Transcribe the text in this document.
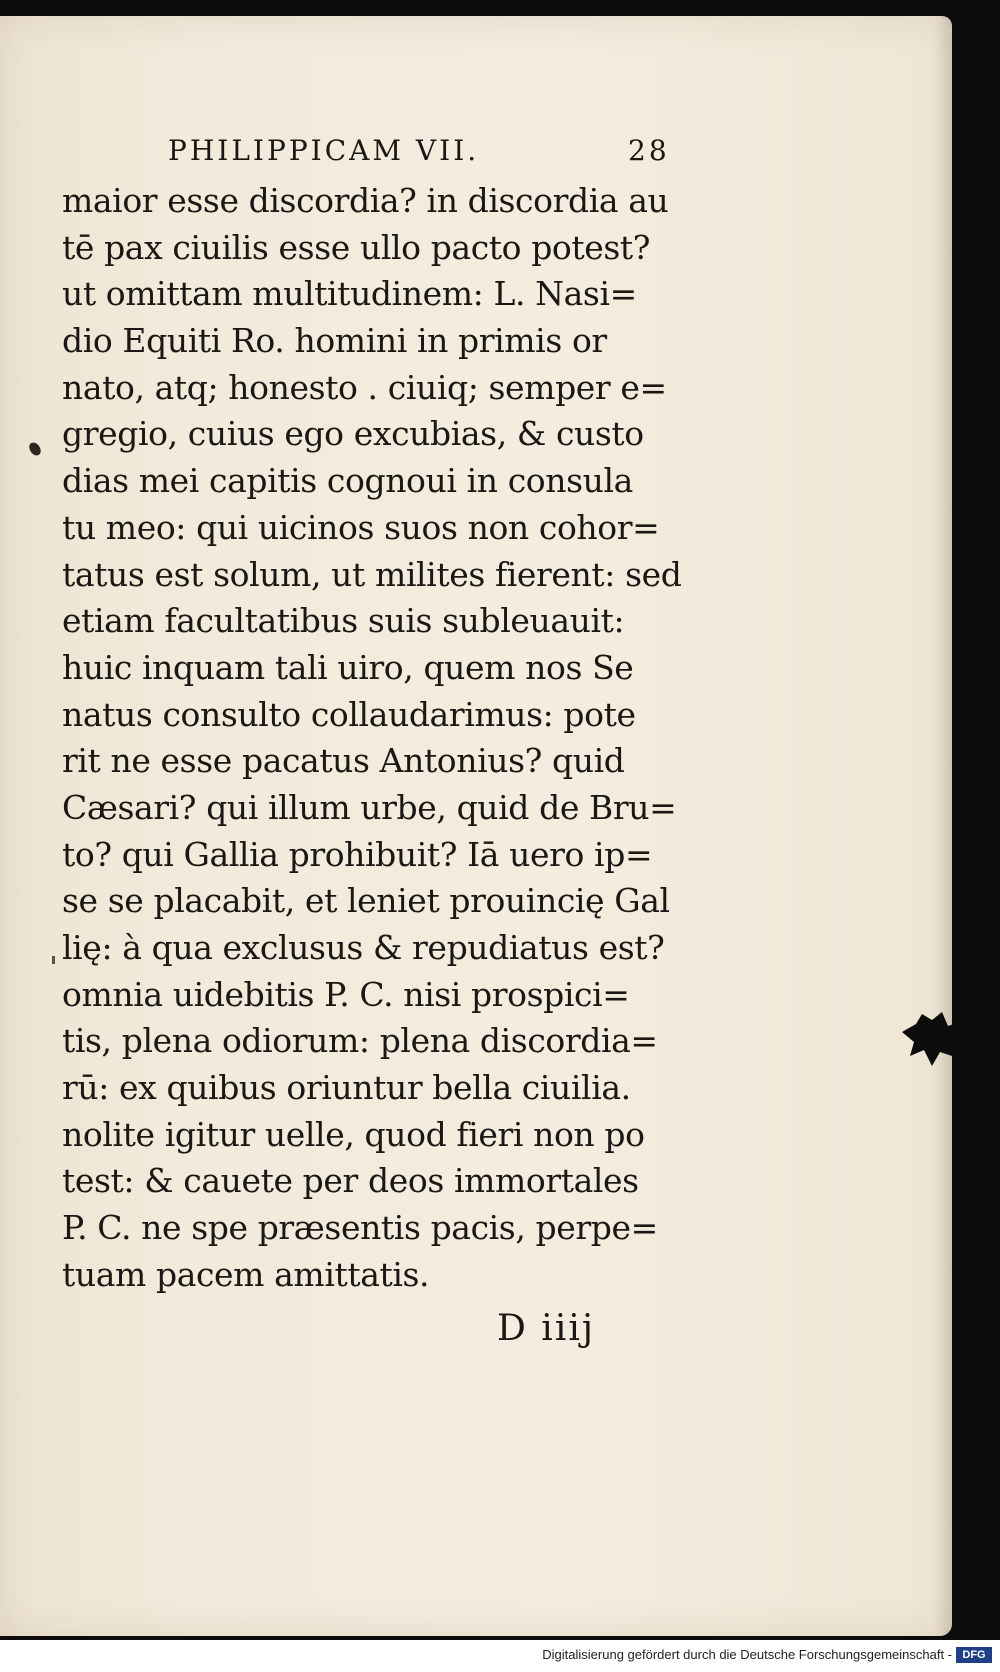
PHILIPPICAM VII.	28
maior esse discordia? in discordia au
tē pax ciuilis esse ullo pacto potest?
ut omittam multitudinem: L. Nasi=
dio Equiti Ro. homini in primis or
nato, atq; honesto . ciuiq; semper e=
gregio, cuius ego excubias, & custo
dias mei capitis cognoui in consula
tu meo: qui uicinos suos non cohor=
tatus est solum, ut milites fierent: sed
etiam facultatibus suis subleuauit:
huic inquam tali uiro, quem nos Se
natus consulto collaudarimus: pote
rit ne esse pacatus Antonius? quid
Cæsari? qui illum urbe, quid de Bru=
to? qui Gallia prohibuit? Iā uero ip=
se se placabit, et leniet prouincię Gal
lię: à qua exclusus & repudiatus est?
omnia uidebitis P. C. nisi prospici=
tis, plena odiorum: plena discordia=
rū: ex quibus oriuntur bella ciuilia.
nolite igitur uelle, quod fieri non po
test: & cauete per deos immortales
P. C. ne spe præsentis pacis, perpe=
tuam pacem amittatis.
D iiij
Digitalisierung gefördert durch die Deutsche Forschungsgemeinschaft - DFG
